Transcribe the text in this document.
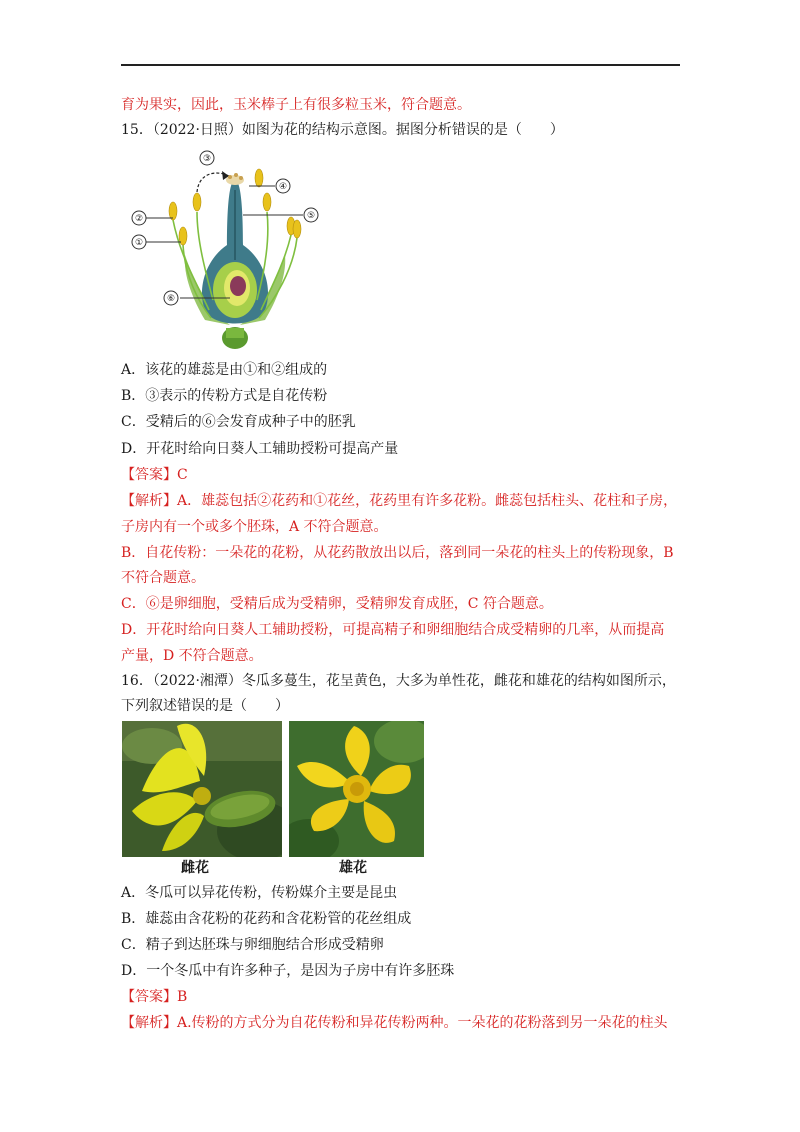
育为果实，因此，玉米棒子上有很多粒玉米，符合题意。
15．（2022·日照）如图为花的结构示意图。据图分析错误的是（　　）
③
②
①
④
⑤
⑥
A．该花的雄蕊是由①和②组成的
B．③表示的传粉方式是自花传粉
C．受精后的⑥会发育成种子中的胚乳
D．开花时给向日葵人工辅助授粉可提高产量
【答案】C
【解析】A．雄蕊包括②花药和①花丝，花药里有许多花粉。雌蕊包括柱头、花柱和子房，
子房内有一个或多个胚珠，A 不符合题意。
B．自花传粉：一朵花的花粉，从花药散放出以后，落到同一朵花的柱头上的传粉现象，B
不符合题意。
C．⑥是卵细胞，受精后成为受精卵，受精卵发育成胚，C 符合题意。
D．开花时给向日葵人工辅助授粉，可提高精子和卵细胞结合成受精卵的几率，从而提高
产量，D 不符合题意。
16．（2022·湘潭）冬瓜多蔓生，花呈黄色，大多为单性花，雌花和雄花的结构如图所示，
下列叙述错误的是（　　）
雌花	雄花
A．冬瓜可以异花传粉，传粉媒介主要是昆虫
B．雄蕊由含花粉的花药和含花粉管的花丝组成
C．精子到达胚珠与卵细胞结合形成受精卵
D．一个冬瓜中有许多种子，是因为子房中有许多胚珠
【答案】B
【解析】A.传粉的方式分为自花传粉和异花传粉两种。一朵花的花粉落到另一朵花的柱头
